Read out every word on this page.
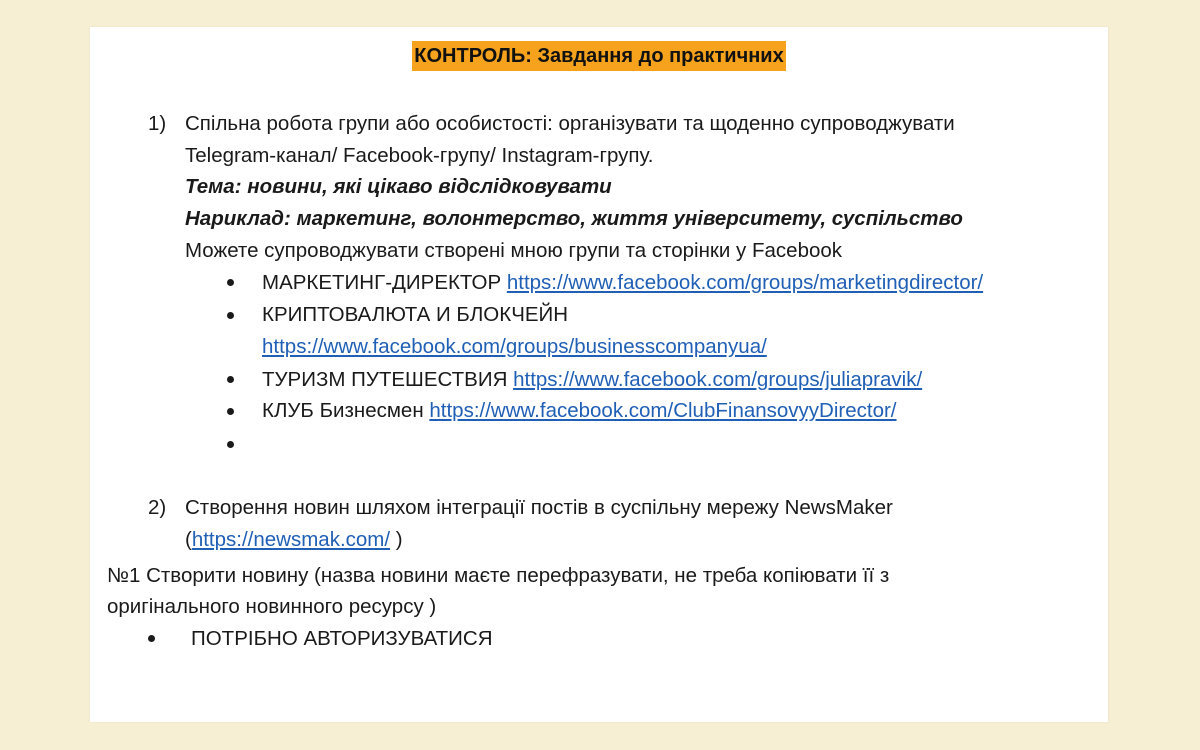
КОНТРОЛЬ: Завдання до практичних
1) Спільна робота групи або особистості: організувати та щоденно супроводжувати
Telegram-канал/ Facebook-групу/ Instagram-групу.
Тема: новини, які цікаво відслідковувати
Нариклад: маркетинг, волонтерство, життя університету, суспільство
Можете супроводжувати створені мною групи та сторінки у Facebook
МАРКЕТИНГ-ДИРЕКТОР https://www.facebook.com/groups/marketingdirector/
КРИПТОВАЛЮТА И БЛОКЧЕЙН
https://www.facebook.com/groups/businesscompanyua/
ТУРИЗМ ПУТЕШЕСТВИЯ https://www.facebook.com/groups/juliapravik/
КЛУБ Бизнесмен https://www.facebook.com/ClubFinansovyyDirector/
2) Створення новин шляхом інтеграції постів в суспільну мережу NewsMaker
(https://newsmak.com/ )
№1 Створити новину (назва новини маєте перефразувати, не треба копіювати її з
оригінального новинного ресурсу )
ПОТРІБНО АВТОРИЗУВАТИСЯ
